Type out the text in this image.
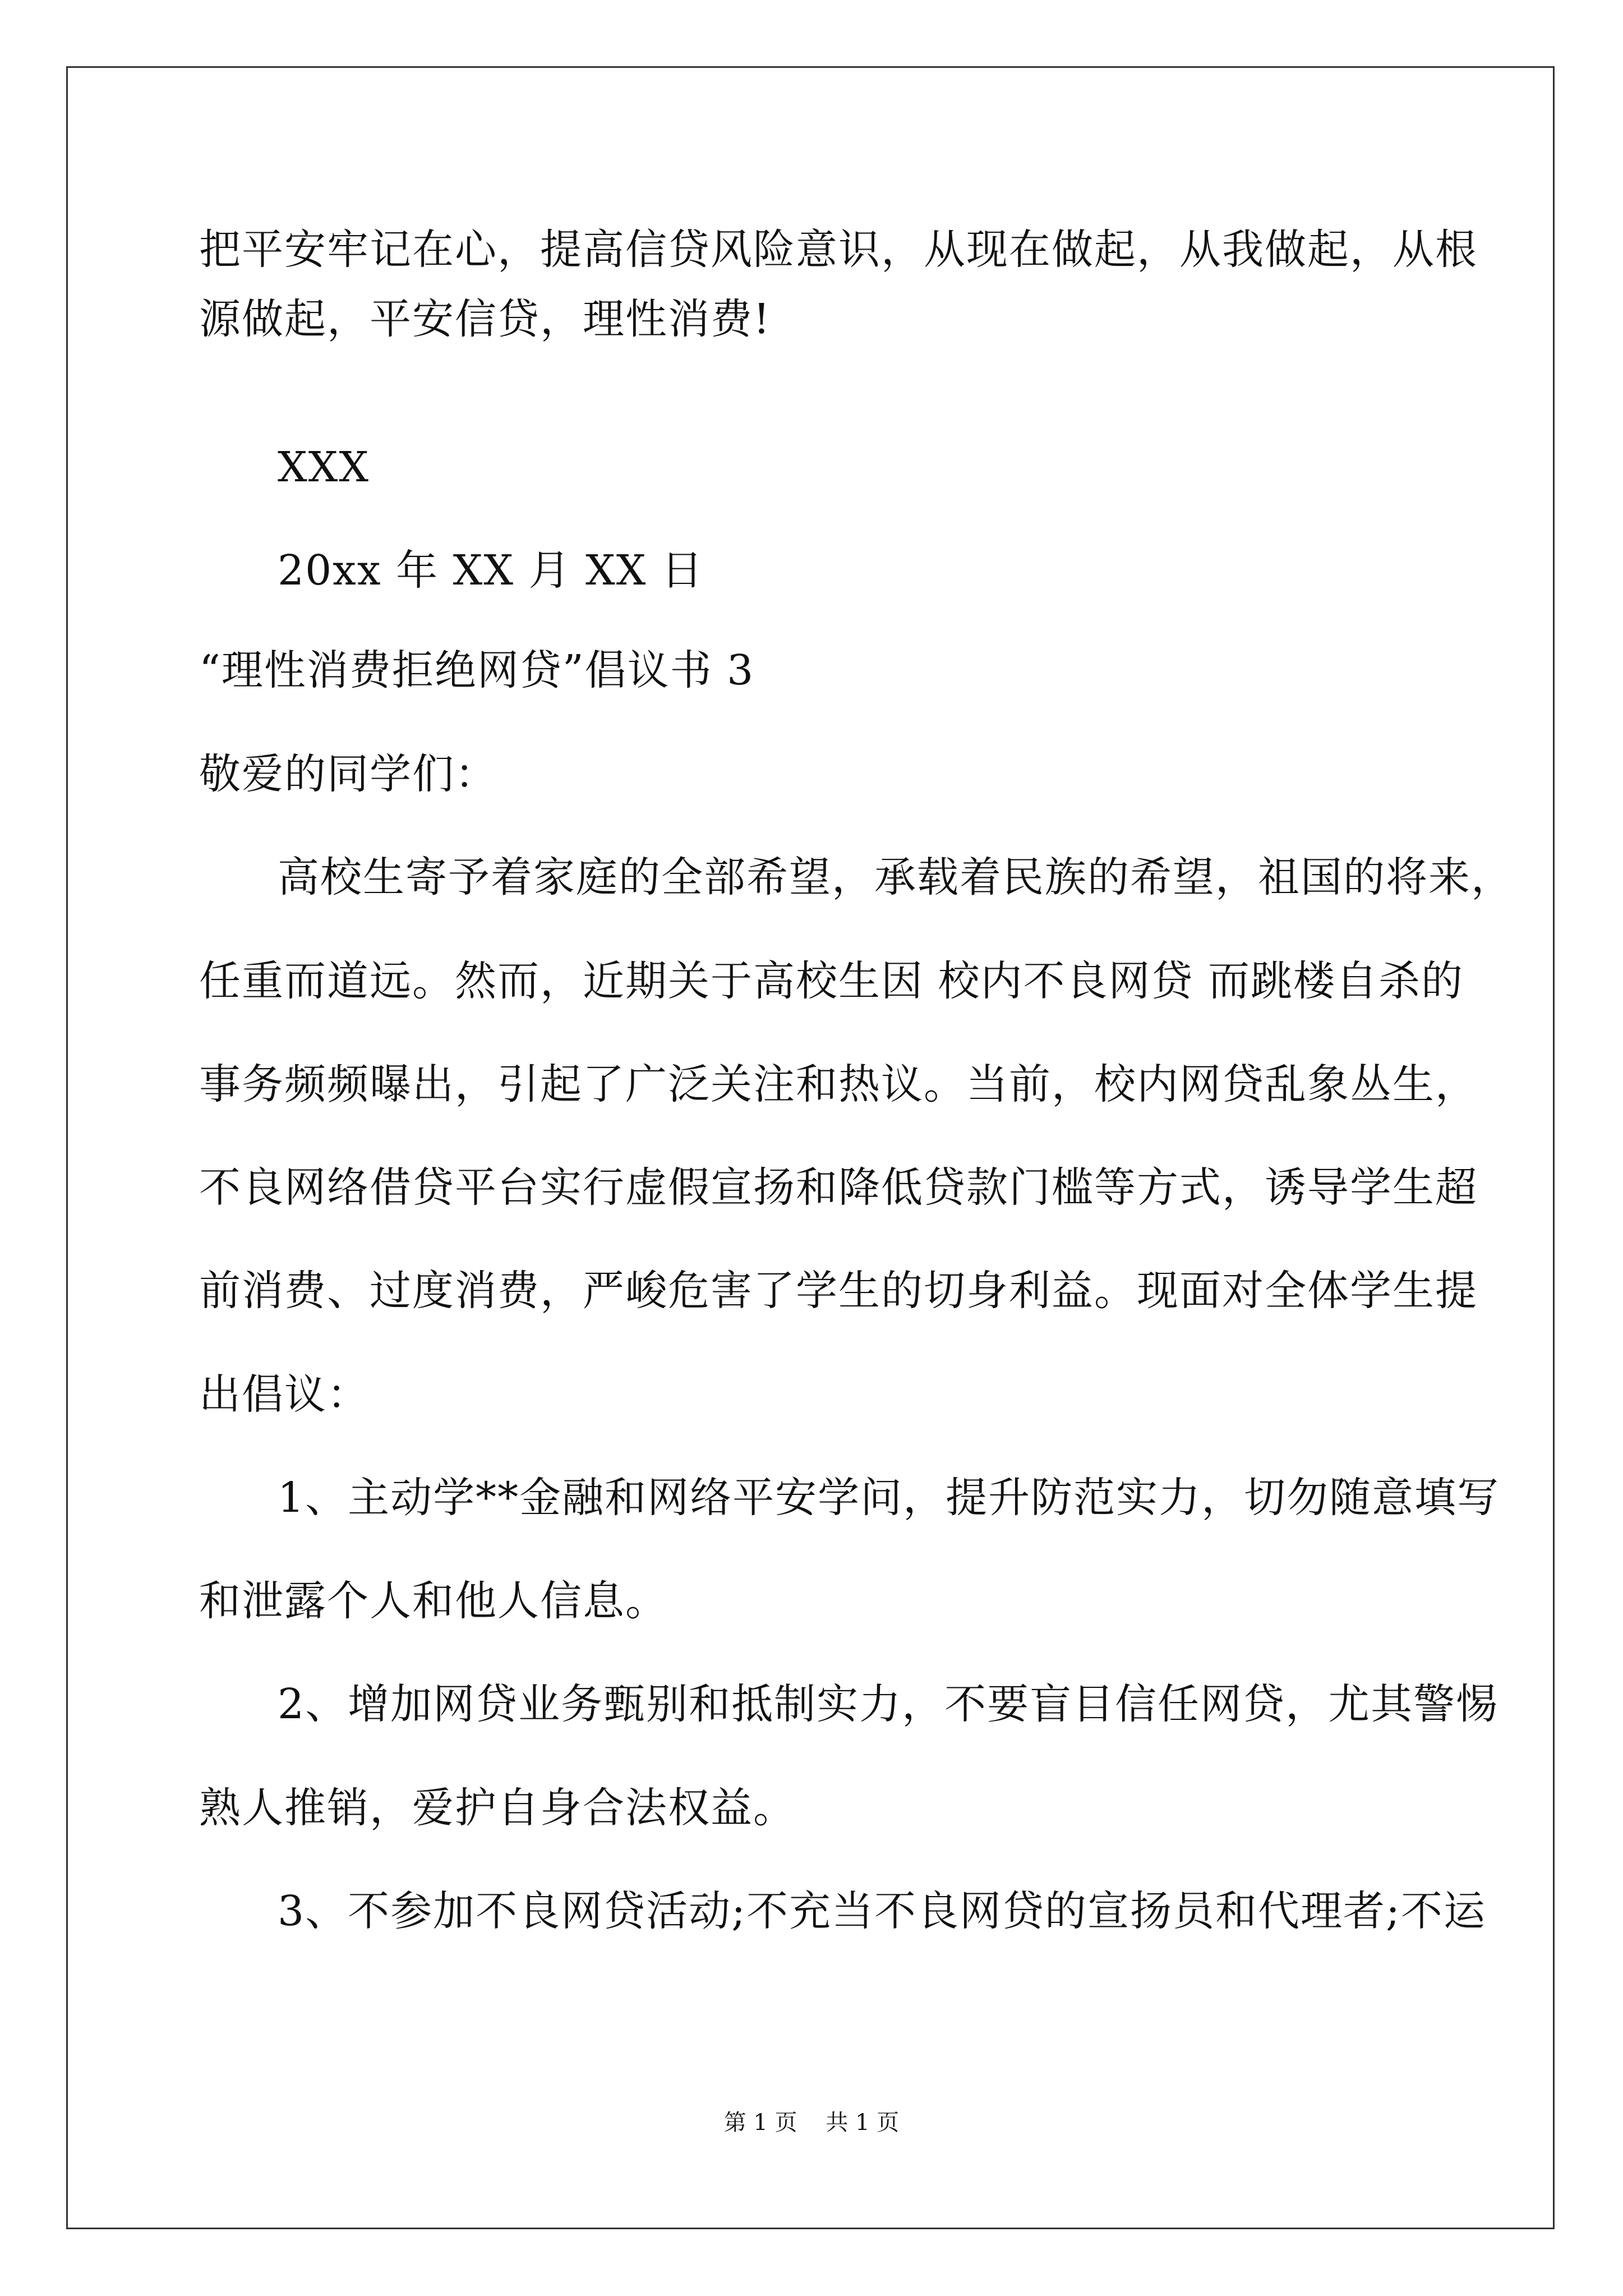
把平安牢记在心，提高信贷风险意识，从现在做起，从我做起，从根
源做起，平安信贷，理性消费!
XXX
20xx 年 XX 月 XX 日
“理性消费拒绝网贷”倡议书 3
敬爱的同学们：
高校生寄予着家庭的全部希望，承载着民族的希望，祖国的将来，
任重而道远。然而，近期关于高校生因 校内不良网贷 而跳楼自杀的
事务频频曝出，引起了广泛关注和热议。当前，校内网贷乱象丛生，
不良网络借贷平台实行虚假宣扬和降低贷款门槛等方式，诱导学生超
前消费、过度消费，严峻危害了学生的切身利益。现面对全体学生提
出倡议：
1、主动学**金融和网络平安学问，提升防范实力，切勿随意填写
和泄露个人和他人信息。
2、增加网贷业务甄别和抵制实力，不要盲目信任网贷，尤其警惕
熟人推销，爱护自身合法权益。
3、不参加不良网贷活动;不充当不良网贷的宣扬员和代理者;不运
第 1 页    共 1 页
